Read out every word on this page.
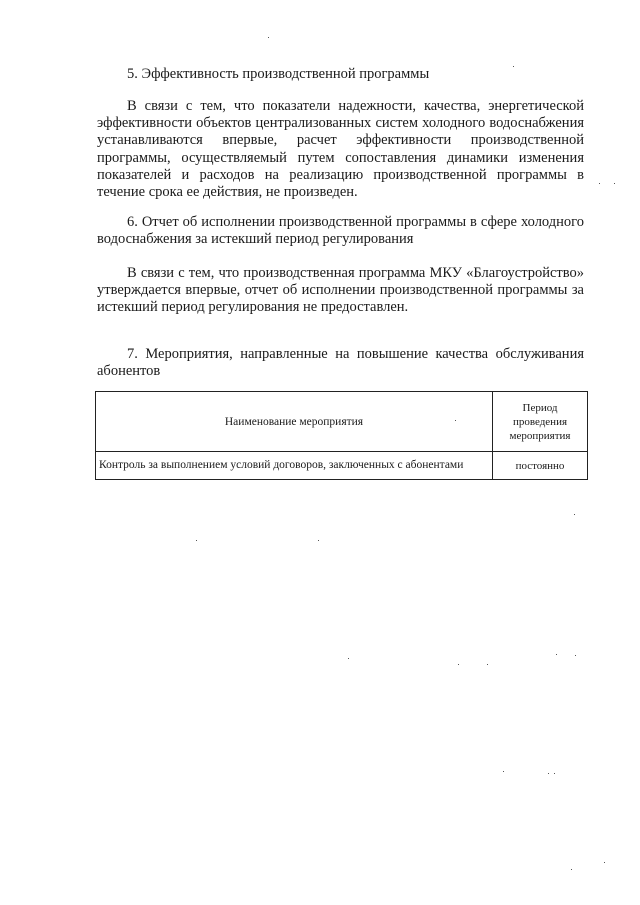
5. Эффективность производственной программы

В связи с тем, что показатели надежности, качества, энергетической эффективности объектов централизованных систем холодного водоснабжения устанавливаются впервые, расчет эффективности производственной программы, осуществляемый путем сопоставления динамики изменения показателей и расходов на реализацию производственной программы в течение срока ее действия, не произведен.

6. Отчет об исполнении производственной программы в сфере холодного водоснабжения за истекший период регулирования

В связи с тем, что производственная программа МКУ «Благоустройство» утверждается впервые, отчет об исполнении производственной программы за истекший период регулирования не предоставлен.

7. Мероприятия, направленные на повышение качества обслуживания абонентов

Наименование мероприятия	Период проведения мероприятия
Контроль за выполнением условий договоров, заключенных с абонентами	постоянно
